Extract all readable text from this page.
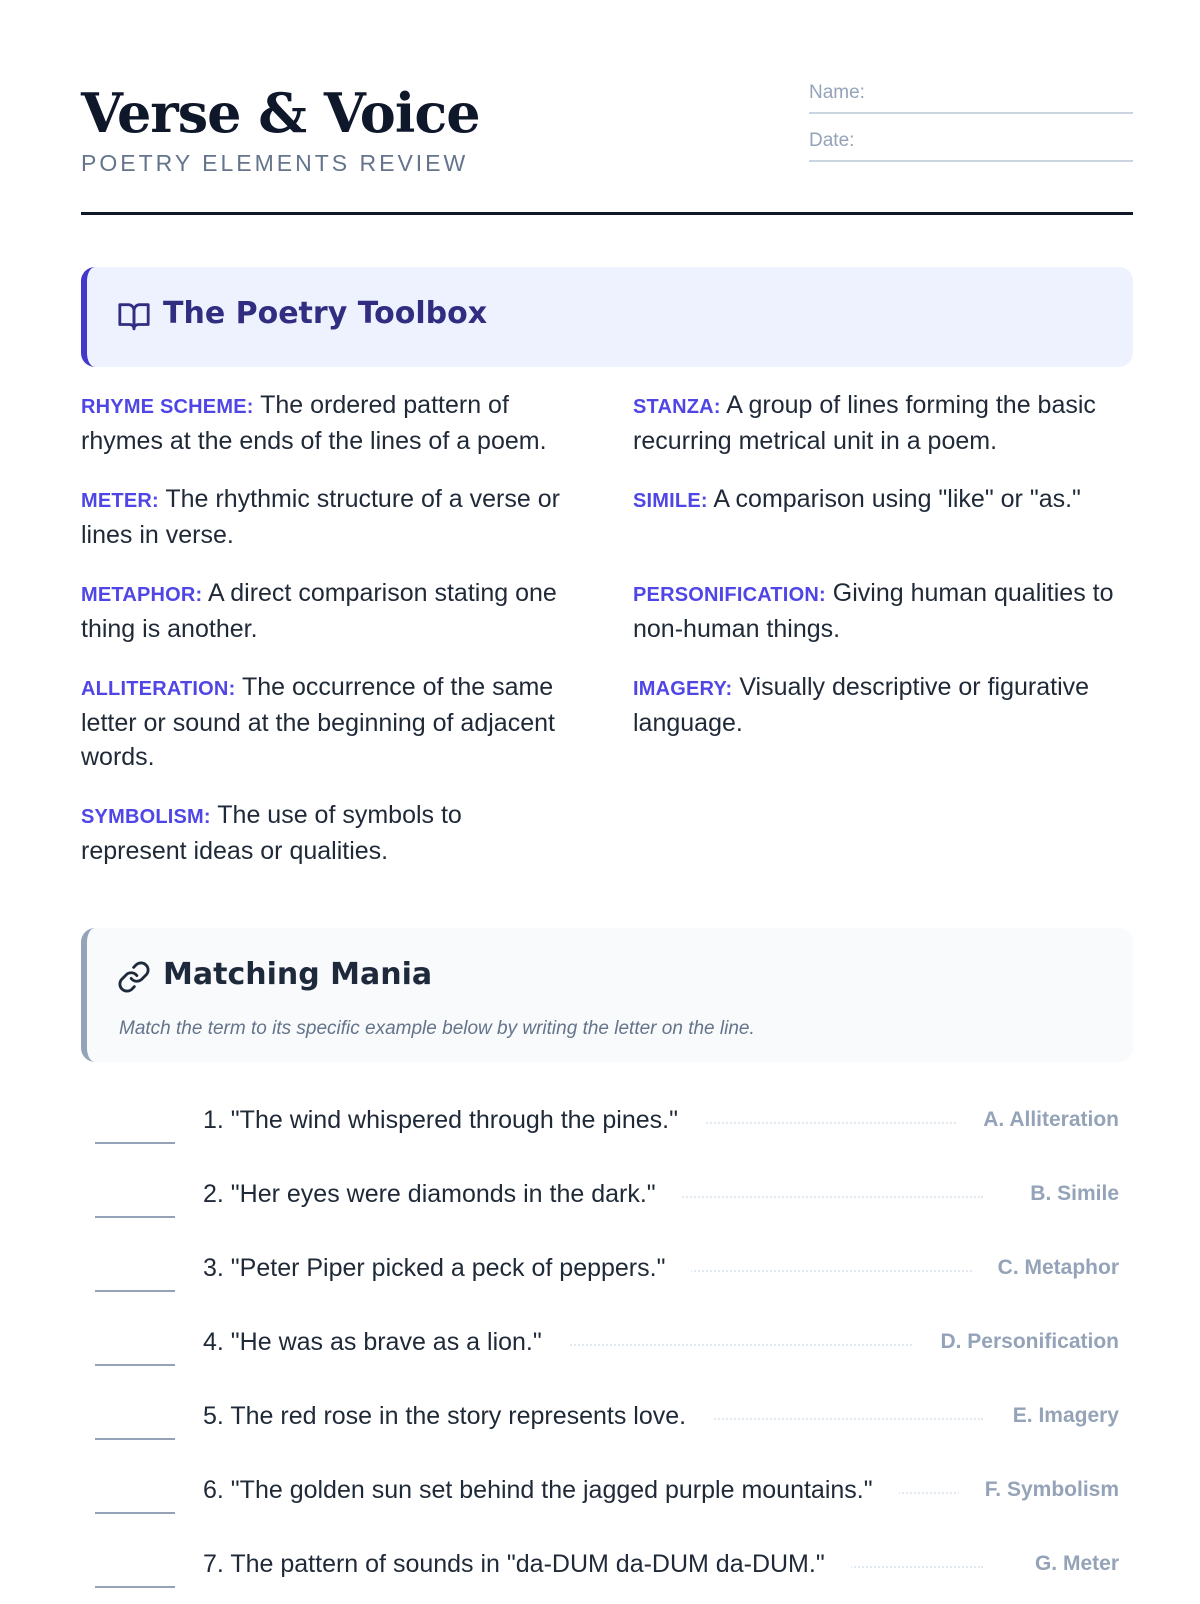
Verse & Voice
POETRY ELEMENTS REVIEW
Name:
Date:
The Poetry Toolbox
RHYME SCHEME: The ordered pattern of rhymes at the ends of the lines of a poem.
METER: The rhythmic structure of a verse or lines in verse.
METAPHOR: A direct comparison stating one thing is another.
ALLITERATION: The occurrence of the same letter or sound at the beginning of adjacent words.
SYMBOLISM: The use of symbols to represent ideas or qualities.
STANZA: A group of lines forming the basic recurring metrical unit in a poem.
SIMILE: A comparison using "like" or "as."
PERSONIFICATION: Giving human qualities to non-human things.
IMAGERY: Visually descriptive or figurative language.
Matching Mania
Match the term to its specific example below by writing the letter on the line.
1. "The wind whispered through the pines."	A. Alliteration
2. "Her eyes were diamonds in the dark."	B. Simile
3. "Peter Piper picked a peck of peppers."	C. Metaphor
4. "He was as brave as a lion."	D. Personification
5. The red rose in the story represents love.	E. Imagery
6. "The golden sun set behind the jagged purple mountains."	F. Symbolism
7. The pattern of sounds in "da-DUM da-DUM da-DUM."	G. Meter
